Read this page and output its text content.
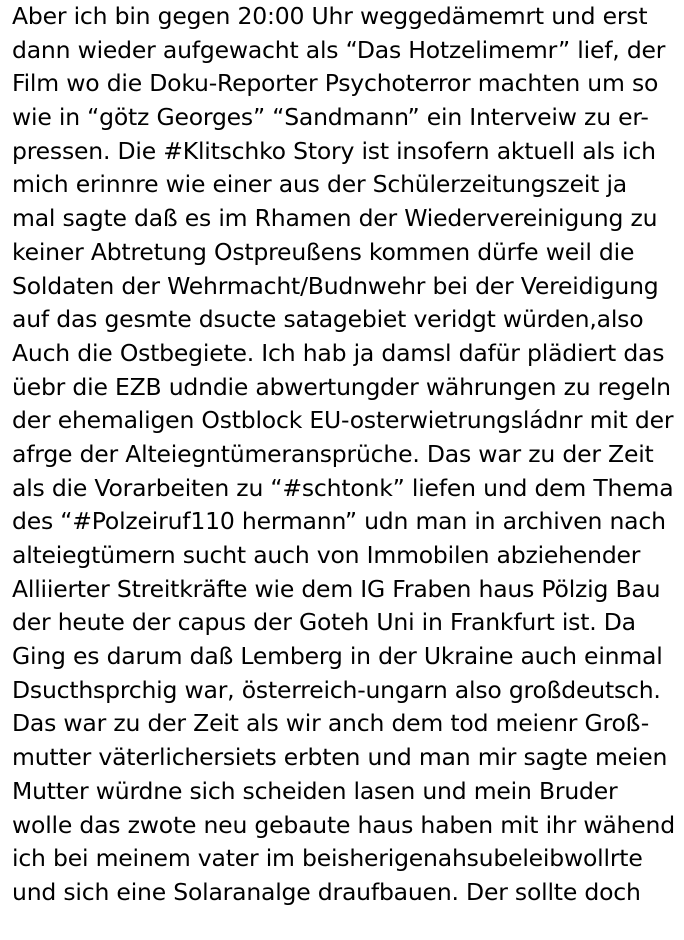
Aber ich bin gegen 20:00 Uhr weggedämemrt und erst
dann wieder aufgewacht als “Das Hotzelimemr” lief, der
Film wo die Doku-Reporter Psychoterror machten um so
wie in “götz Georges” “Sandmann” ein Interveiw zu er-
pressen. Die #Klitschko Story ist insofern aktuell als ich
mich erinnre wie einer aus der Schülerzeitungszeit ja
mal sagte daß es im Rhamen der Wiedervereinigung zu
keiner Abtretung Ostpreußens kommen dürfe weil die
Soldaten der Wehrmacht/Budnwehr bei der Vereidigung
auf das gesmte dsucte satagebiet veridgt würden,also
Auch die Ostbegiete. Ich hab ja damsl dafür plädiert das
üebr die EZB udndie abwertungder währungen zu regeln
der ehemaligen Ostblock EU-osterwietrungsládnr mit der
afrge der Alteiegntümeransprüche. Das war zu der Zeit
als die Vorarbeiten zu “#schtonk” liefen und dem Thema
des “#Polzeiruf110 hermann” udn man in archiven nach
alteiegtümern sucht auch von Immobilen abziehender
Alliierter Streitkräfte wie dem IG Fraben haus Pölzig Bau
der heute der capus der Goteh Uni in Frankfurt ist. Da
Ging es darum daß Lemberg in der Ukraine auch einmal
Dsucthsprchig war, österreich-ungarn also großdeutsch.
Das war zu der Zeit als wir anch dem tod meienr Groß-
mutter väterlichersiets erbten und man mir sagte meien
Mutter würdne sich scheiden lasen und mein Bruder
wolle das zwote neu gebaute haus haben mit ihr wähend
ich bei meinem vater im beisherigenahsubeleibwollrte
und sich eine Solaranalge draufbauen. Der sollte doch
